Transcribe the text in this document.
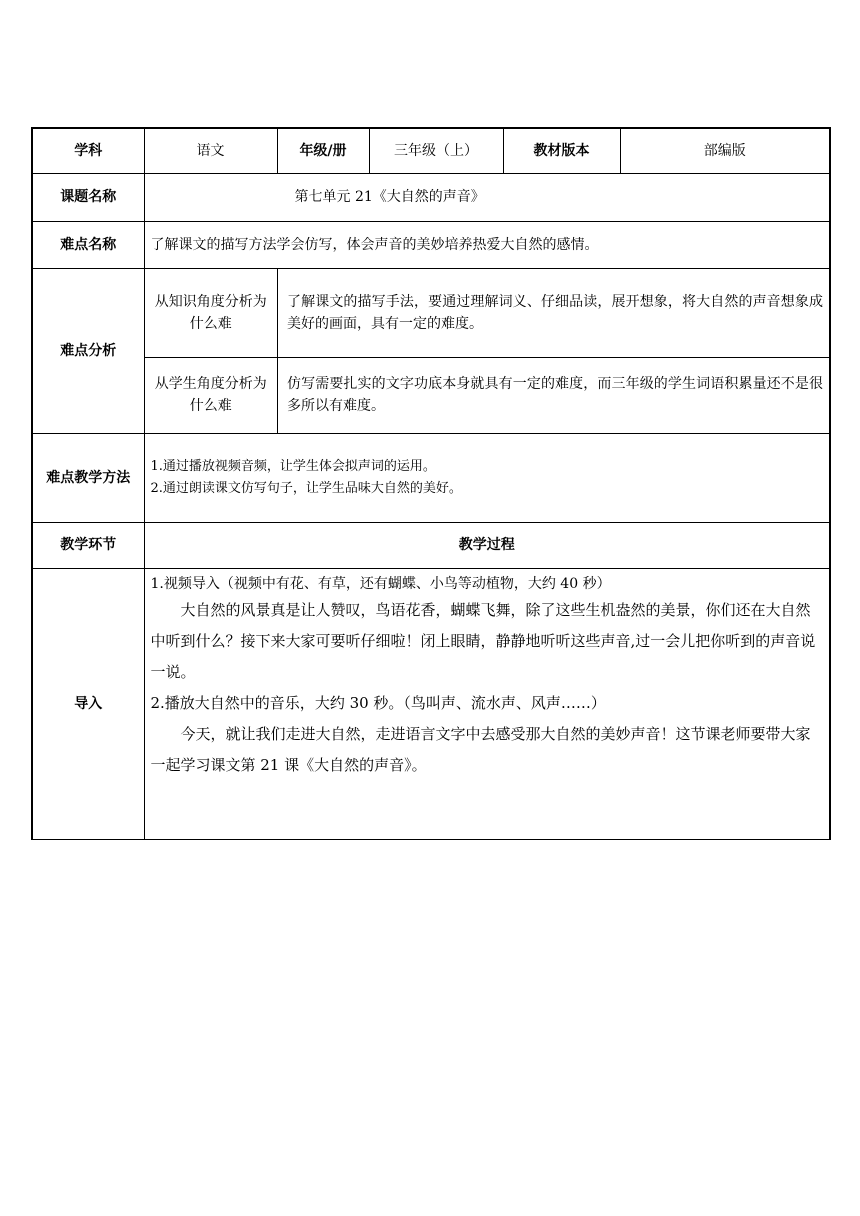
学科	语文	年级/册	三年级（上）	教材版本	部编版
课题名称	第七单元 21《大自然的声音》
难点名称	了解课文的描写方法学会仿写，体会声音的美妙培养热爱大自然的感情。
难点分析	
从知识角度分析为什么难	了解课文的描写手法，要通过理解词义、仔细品读，展开想象，将大自然的声音想象成美好的画面，具有一定的难度。
从学生角度分析为什么难	仿写需要扎实的文字功底本身就具有一定的难度，而三年级的学生词语积累量还不是很多所以有难度。

难点教学方法	
1.通过播放视频音频，让学生体会拟声词的运用。
2.通过朗读课文仿写句子，让学生品味大自然的美好。

教学环节	教学过程
导入	

1.视频导入（视频中有花、有草，还有蝴蝶、小鸟等动植物，大约 40 秒）

大自然的风景真是让人赞叹，鸟语花香，蝴蝶飞舞，除了这些生机盎然的美景，你们还在大自然中听到什么？接下来大家可要听仔细啦！闭上眼睛，静静地听听这些声音,过一会儿把你听到的声音说一说。

2.播放大自然中的音乐，大约 30 秒。（鸟叫声、流水声、风声……）

今天，就让我们走进大自然，走进语言文字中去感受那大自然的美妙声音！这节课老师要带大家一起学习课文第 21 课《大自然的声音》。
